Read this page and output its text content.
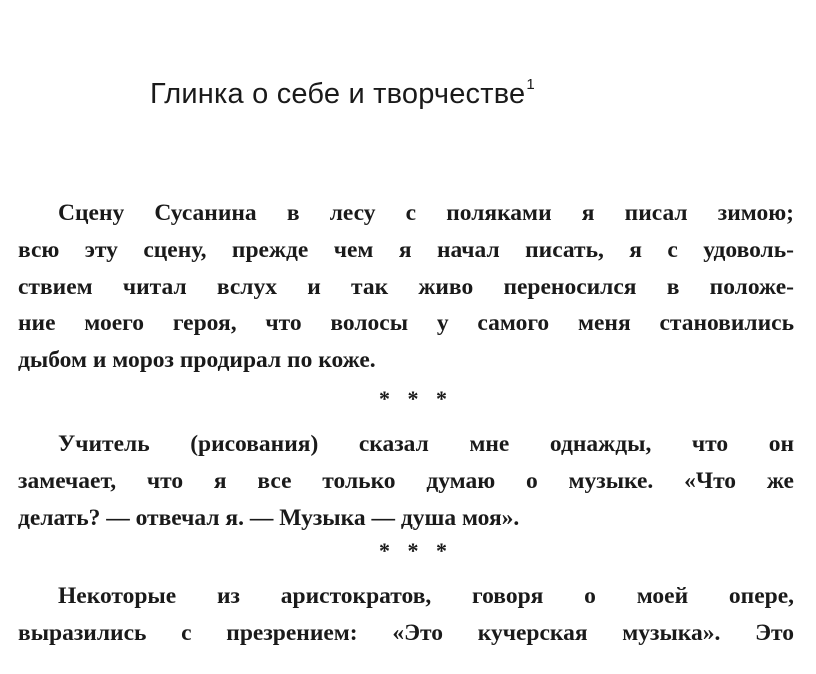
Глинка о себе и творчестве$^1$
Сцену Сусанина в лесу с поляками я писал зимою;
всю эту сцену, прежде чем я начал писать, я с удоволь-
ствием читал вслух и так живо переносился в положе-
ние моего героя, что волосы у самого меня становились
дыбом и мороз продирал по коже.
* * *
Учитель (рисования) сказал мне однажды, что он
замечает, что я все только думаю о музыке. «Что же
делать? — отвечал я. — Музыка — душа моя».
* * *
Некоторые из аристократов, говоря о моей опере,
выразились с презрением: «Это кучерская музыка». Это
